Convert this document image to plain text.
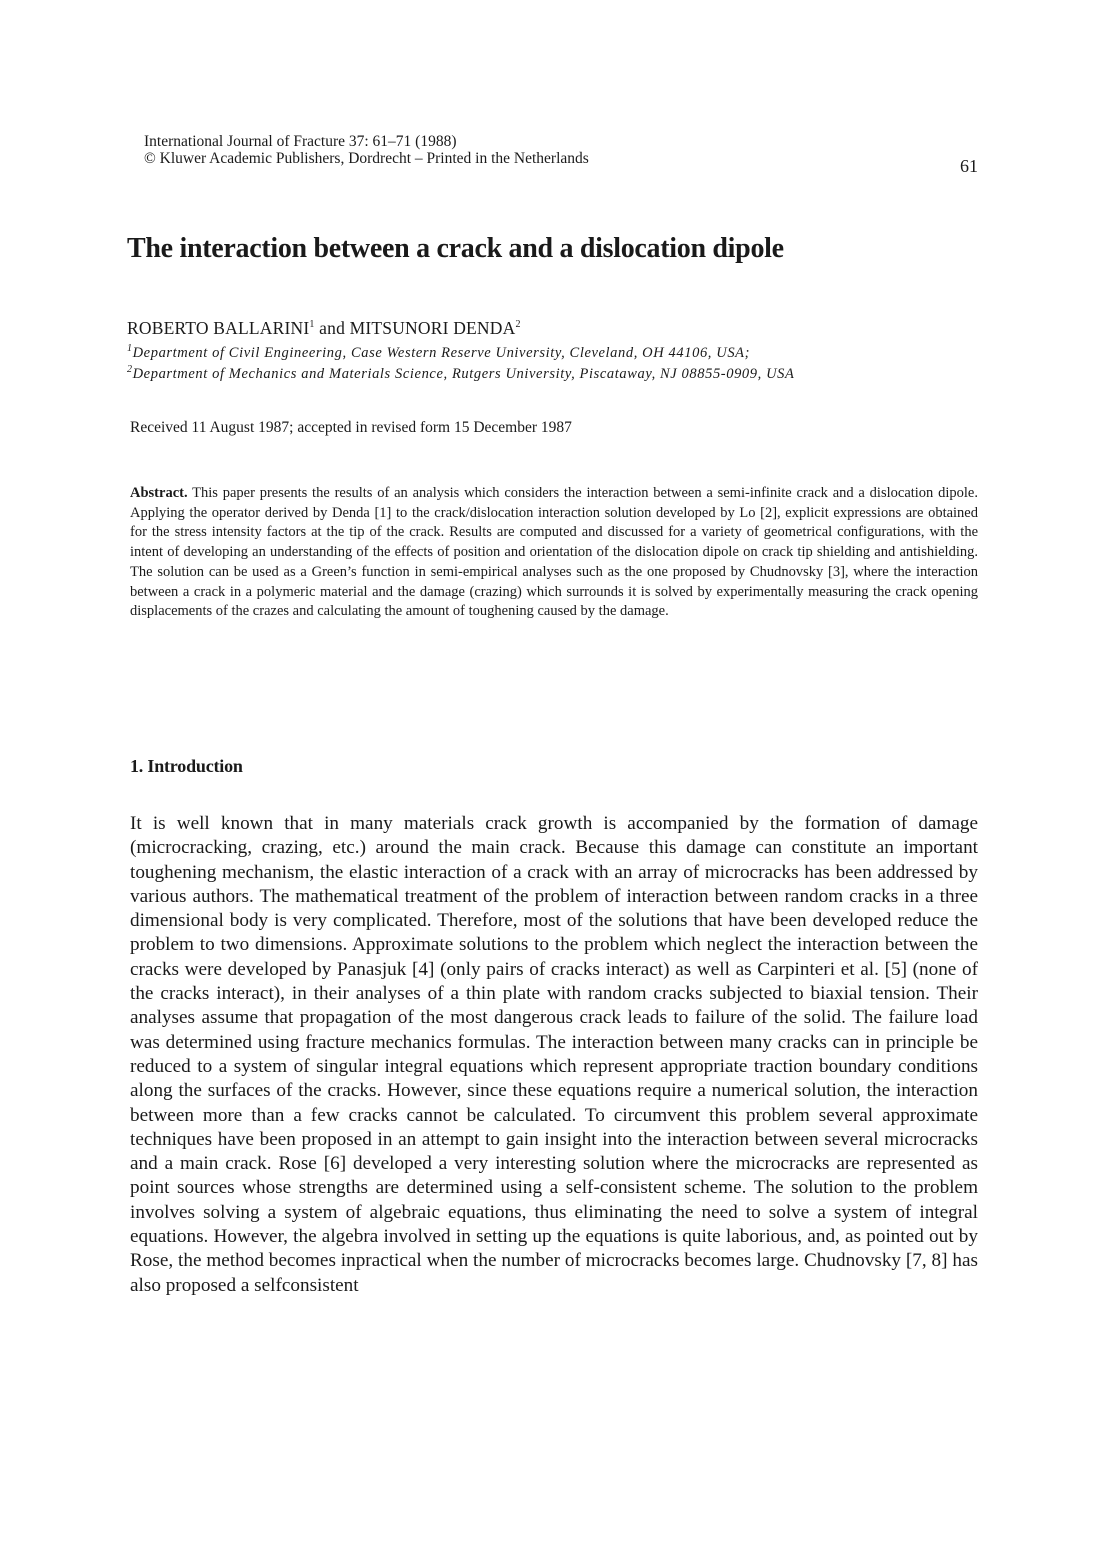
International Journal of Fracture 37: 61–71 (1988)
© Kluwer Academic Publishers, Dordrecht – Printed in the Netherlands	61
The interaction between a crack and a dislocation dipole
ROBERTO BALLARINI$^1$ and MITSUNORI DENDA$^2$
$^1$Department of Civil Engineering, Case Western Reserve University, Cleveland, OH 44106, USA;
$^2$Department of Mechanics and Materials Science, Rutgers University, Piscataway, NJ 08855-0909, USA
Received 11 August 1987; accepted in revised form 15 December 1987

Abstract. This paper presents the results of an analysis which considers the interaction between a semi-infinite crack and a dislocation dipole. Applying the operator derived by Denda [1] to the crack/dislocation interaction solution developed by Lo [2], explicit expressions are obtained for the stress intensity factors at the tip of the crack. Results are computed and discussed for a variety of geometrical configurations, with the intent of developing an understanding of the effects of position and orientation of the dislocation dipole on crack tip shielding and antishielding. The solution can be used as a Green’s function in semi-empirical analyses such as the one proposed by Chudnovsky [3], where the interaction between a crack in a polymeric material and the damage (crazing) which surrounds it is solved by experimentally measuring the crack opening displacements of the crazes and calculating the amount of toughening caused by the damage.

1. Introduction

It is well known that in many materials crack growth is accompanied by the formation of damage (microcracking, crazing, etc.) around the main crack. Because this damage can constitute an important toughening mechanism, the elastic interaction of a crack with an array of microcracks has been addressed by various authors. The mathematical treatment of the problem of interaction between random cracks in a three dimensional body is very complicated. Therefore, most of the solutions that have been developed reduce the problem to two dimensions. Approximate solutions to the problem which neglect the interaction between the cracks were developed by Panasjuk [4] (only pairs of cracks interact) as well as Carpinteri et al. [5] (none of the cracks interact), in their analyses of a thin plate with random cracks subjected to biaxial tension. Their analyses assume that propagation of the most dangerous crack leads to failure of the solid. The failure load was determined using fracture mechanics formulas. The interaction between many cracks can in principle be reduced to a system of singular integral equations which represent appropriate traction boundary conditions along the surfaces of the cracks. However, since these equations require a numerical solution, the interaction between more than a few cracks cannot be calculated. To circumvent this problem several approximate techniques have been proposed in an attempt to gain insight into the interaction between several microcracks and a main crack. Rose [6] developed a very interesting solution where the microcracks are represented as point sources whose strengths are determined using a self-consistent scheme. The solution to the problem involves solving a system of algebraic equations, thus eliminating the need to solve a system of integral equations. However, the algebra involved in setting up the equations is quite laborious, and, as pointed out by Rose, the method becomes inpractical when the number of microcracks becomes large. Chudnovsky [7, 8] has also proposed a selfconsistent
